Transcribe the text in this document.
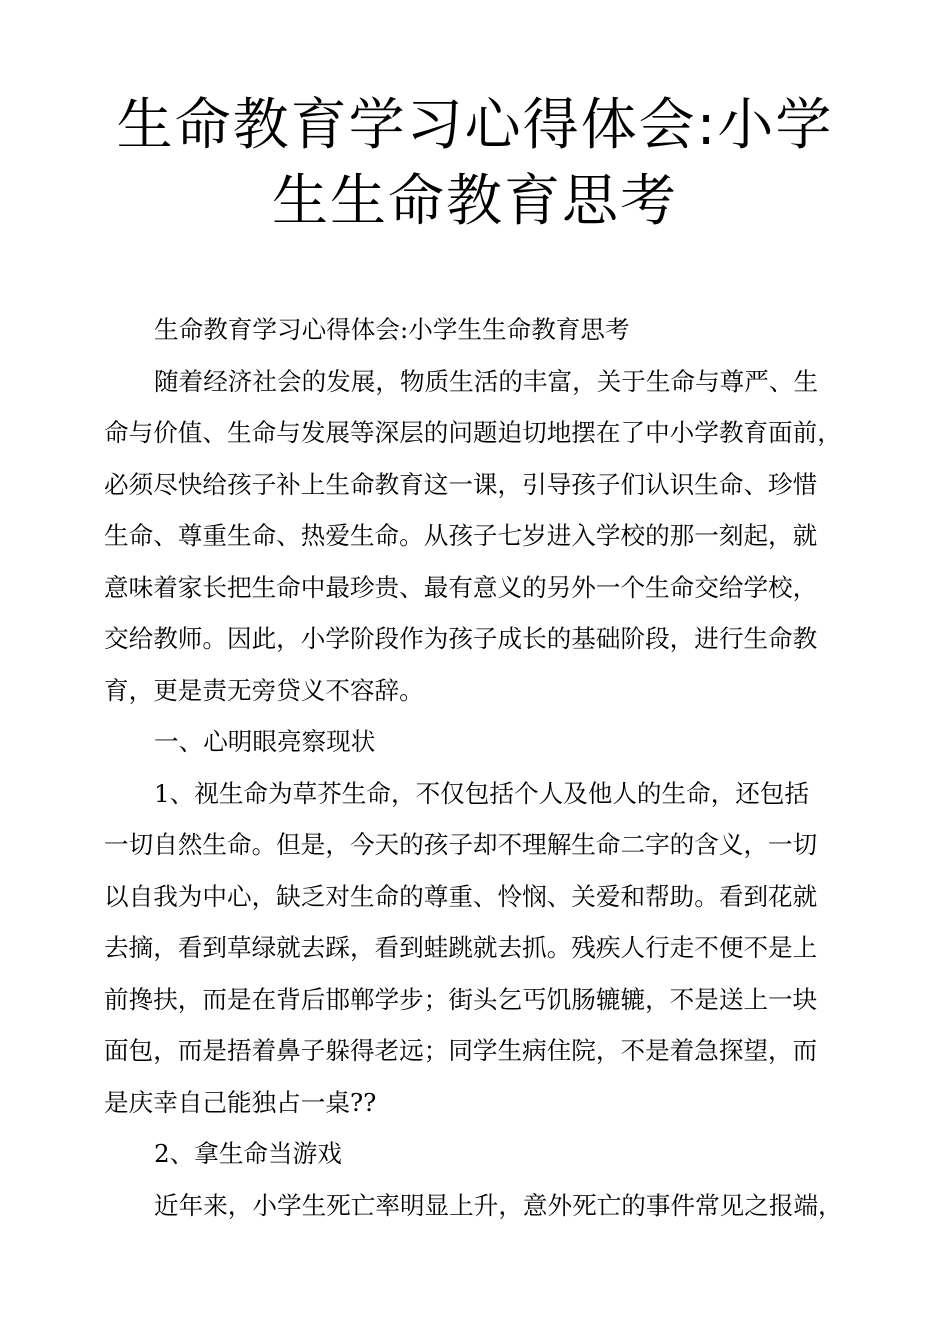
生命教育学习心得体会:小学
生生命教育思考
生命教育学习心得体会:小学生生命教育思考
随着经济社会的发展，物质生活的丰富，关于生命与尊严、生
命与价值、生命与发展等深层的问题迫切地摆在了中小学教育面前，
必须尽快给孩子补上生命教育这一课，引导孩子们认识生命、珍惜
生命、尊重生命、热爱生命。从孩子七岁进入学校的那一刻起，就
意味着家长把生命中最珍贵、最有意义的另外一个生命交给学校，
交给教师。因此，小学阶段作为孩子成长的基础阶段，进行生命教
育，更是责无旁贷义不容辞。
一、心明眼亮察现状
1、视生命为草芥生命，不仅包括个人及他人的生命，还包括
一切自然生命。但是，今天的孩子却不理解生命二字的含义，一切
以自我为中心，缺乏对生命的尊重、怜悯、关爱和帮助。看到花就
去摘，看到草绿就去踩，看到蛙跳就去抓。残疾人行走不便不是上
前搀扶，而是在背后邯郸学步；街头乞丐饥肠辘辘，不是送上一块
面包，而是捂着鼻子躲得老远；同学生病住院，不是着急探望，而
是庆幸自己能独占一桌??
2、拿生命当游戏
近年来，小学生死亡率明显上升，意外死亡的事件常见之报端，
